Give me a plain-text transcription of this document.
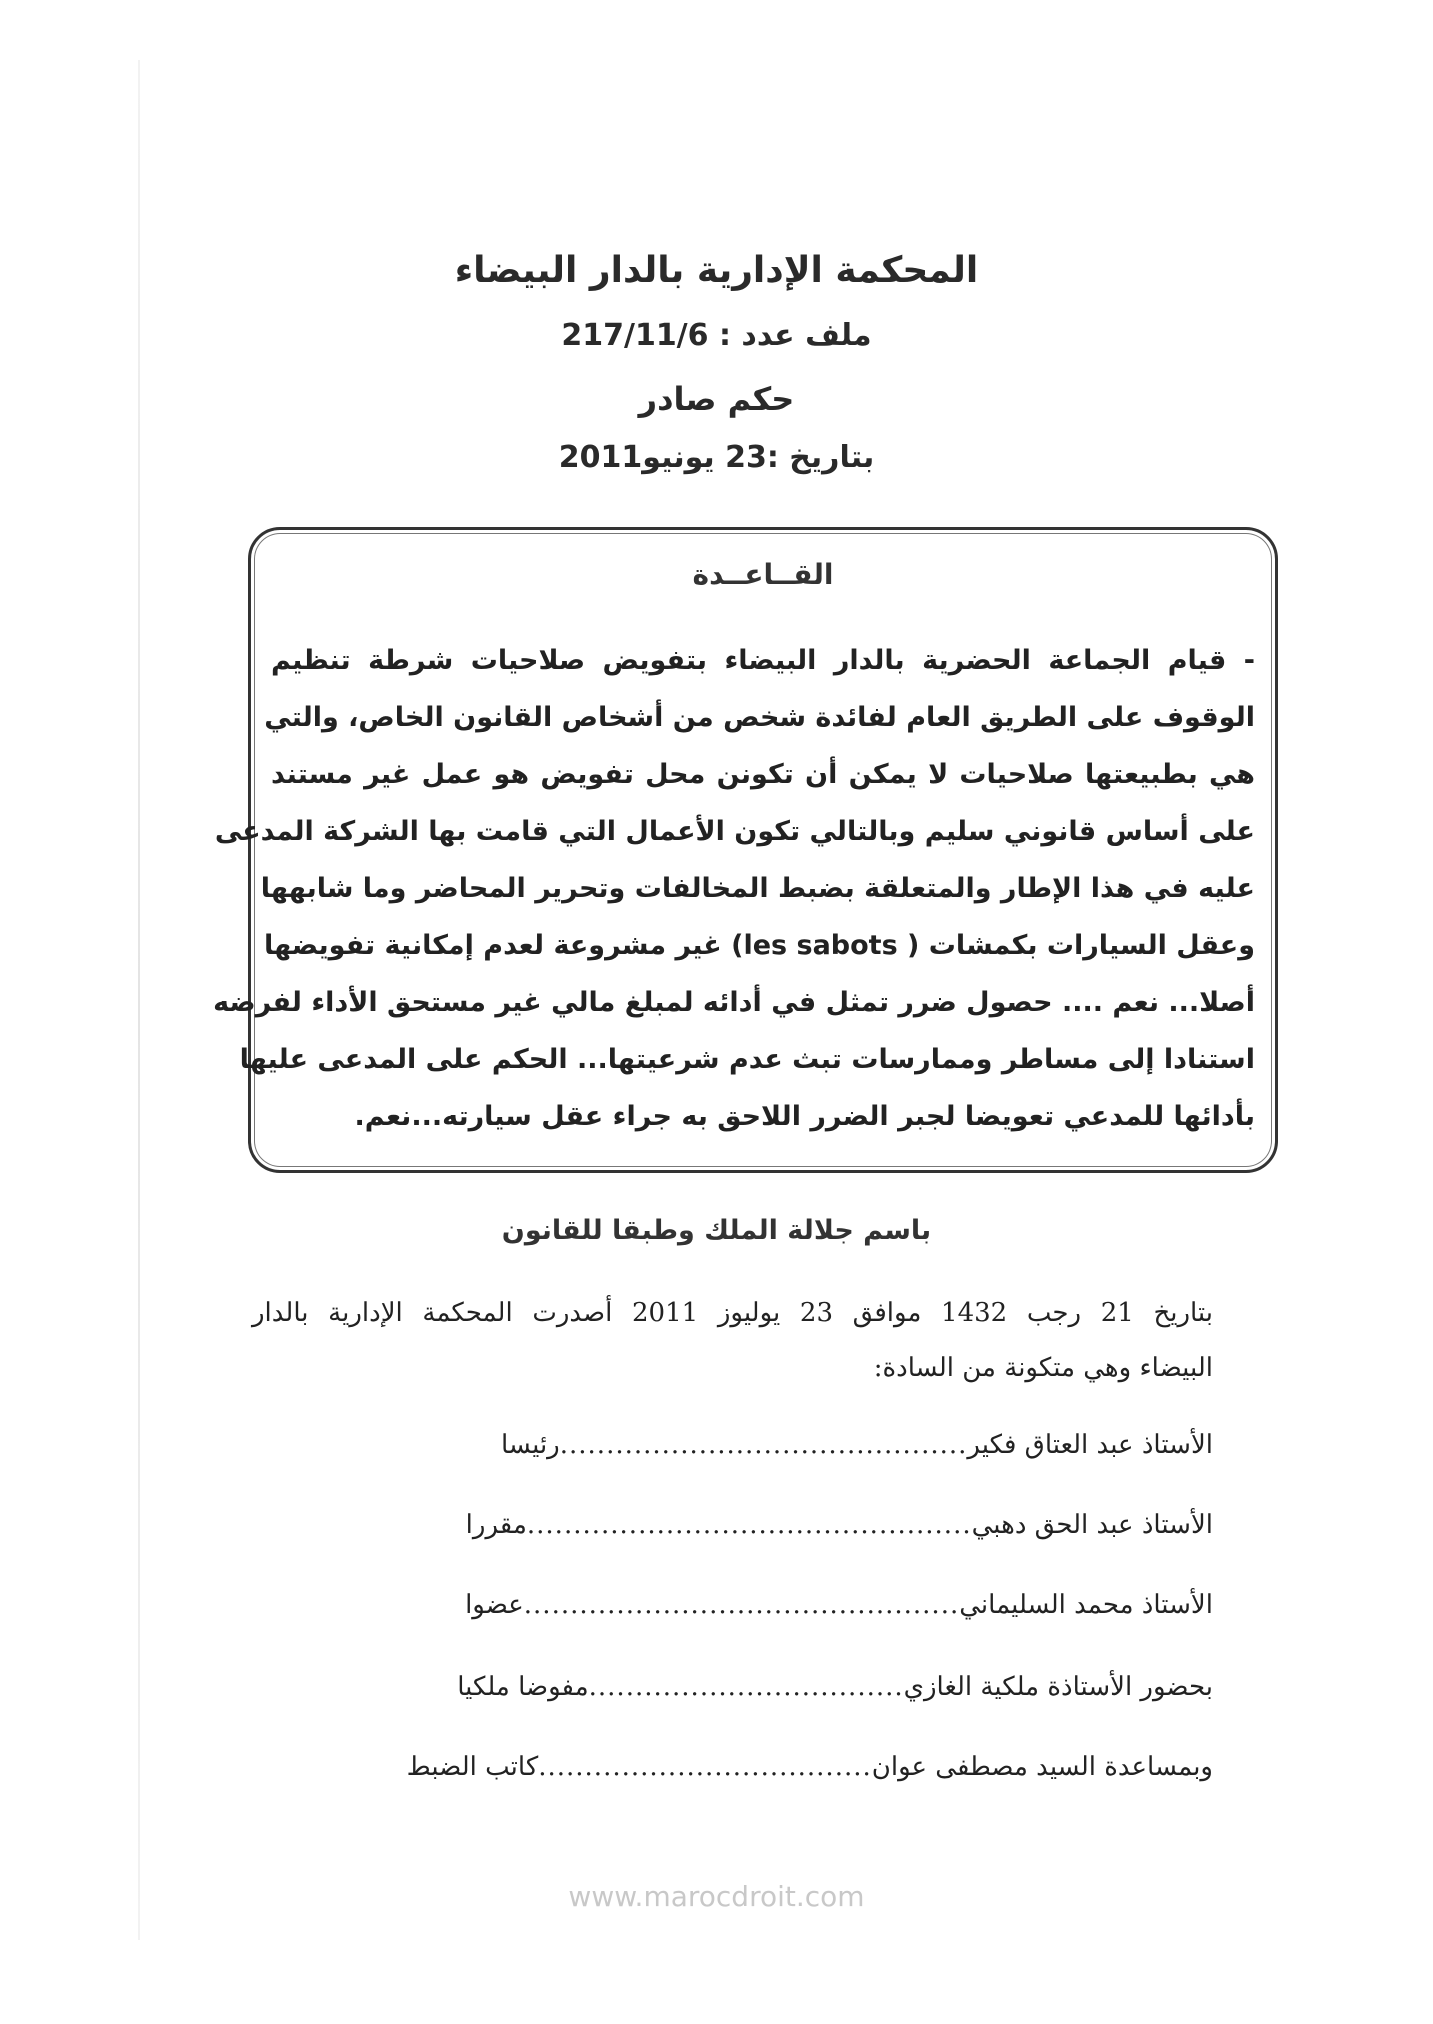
المحكمة الإدارية بالدار البيضاء
ملف عدد : 217/11/6
حكم صادر
بتاريخ :23 يونيو2011
القــاعــدة
- قيام الجماعة الحضرية بالدار البيضاء بتفويض صلاحيات شرطة تنظيم
الوقوف على الطريق العام لفائدة شخص من أشخاص القانون الخاص، والتي
هي بطبيعتها صلاحيات لا يمكن أن تكونن محل تفويض هو عمل غير مستند
على أساس قانوني سليم وبالتالي تكون الأعمال التي قامت بها الشركة المدعى
عليه في هذا الإطار والمتعلقة بضبط المخالفات وتحرير المحاضر وما شابهها
وعقل السيارات بكمشات ( les sabots) غير مشروعة لعدم إمكانية تفويضها
أصلا... نعم .... حصول ضرر تمثل في أدائه لمبلغ مالي غير مستحق الأداء لفرضه
استنادا إلى مساطر وممارسات تبث عدم شرعيتها... الحكم على المدعى عليها
بأدائها للمدعي تعويضا لجبر الضرر اللاحق به جراء عقل سيارته...نعم.
باسم جلالة الملك وطبقا للقانون
بتاريخ 21 رجب 1432 موافق 23 يوليوز 2011 أصدرت المحكمة الإدارية بالدار
البيضاء وهي متكونة من السادة:
الأستاذ عبد العتاق فكير
............................................
رئيسا
الأستاذ عبد الحق دهبي
................................................
مقررا
الأستاذ محمد السليماني
...............................................
عضوا
بحضور الأستاذة ملكية الغازي
..................................
مفوضا ملكيا
وبمساعدة السيد مصطفى عوان
....................................
كاتب الضبط
www.marocdroit.com
